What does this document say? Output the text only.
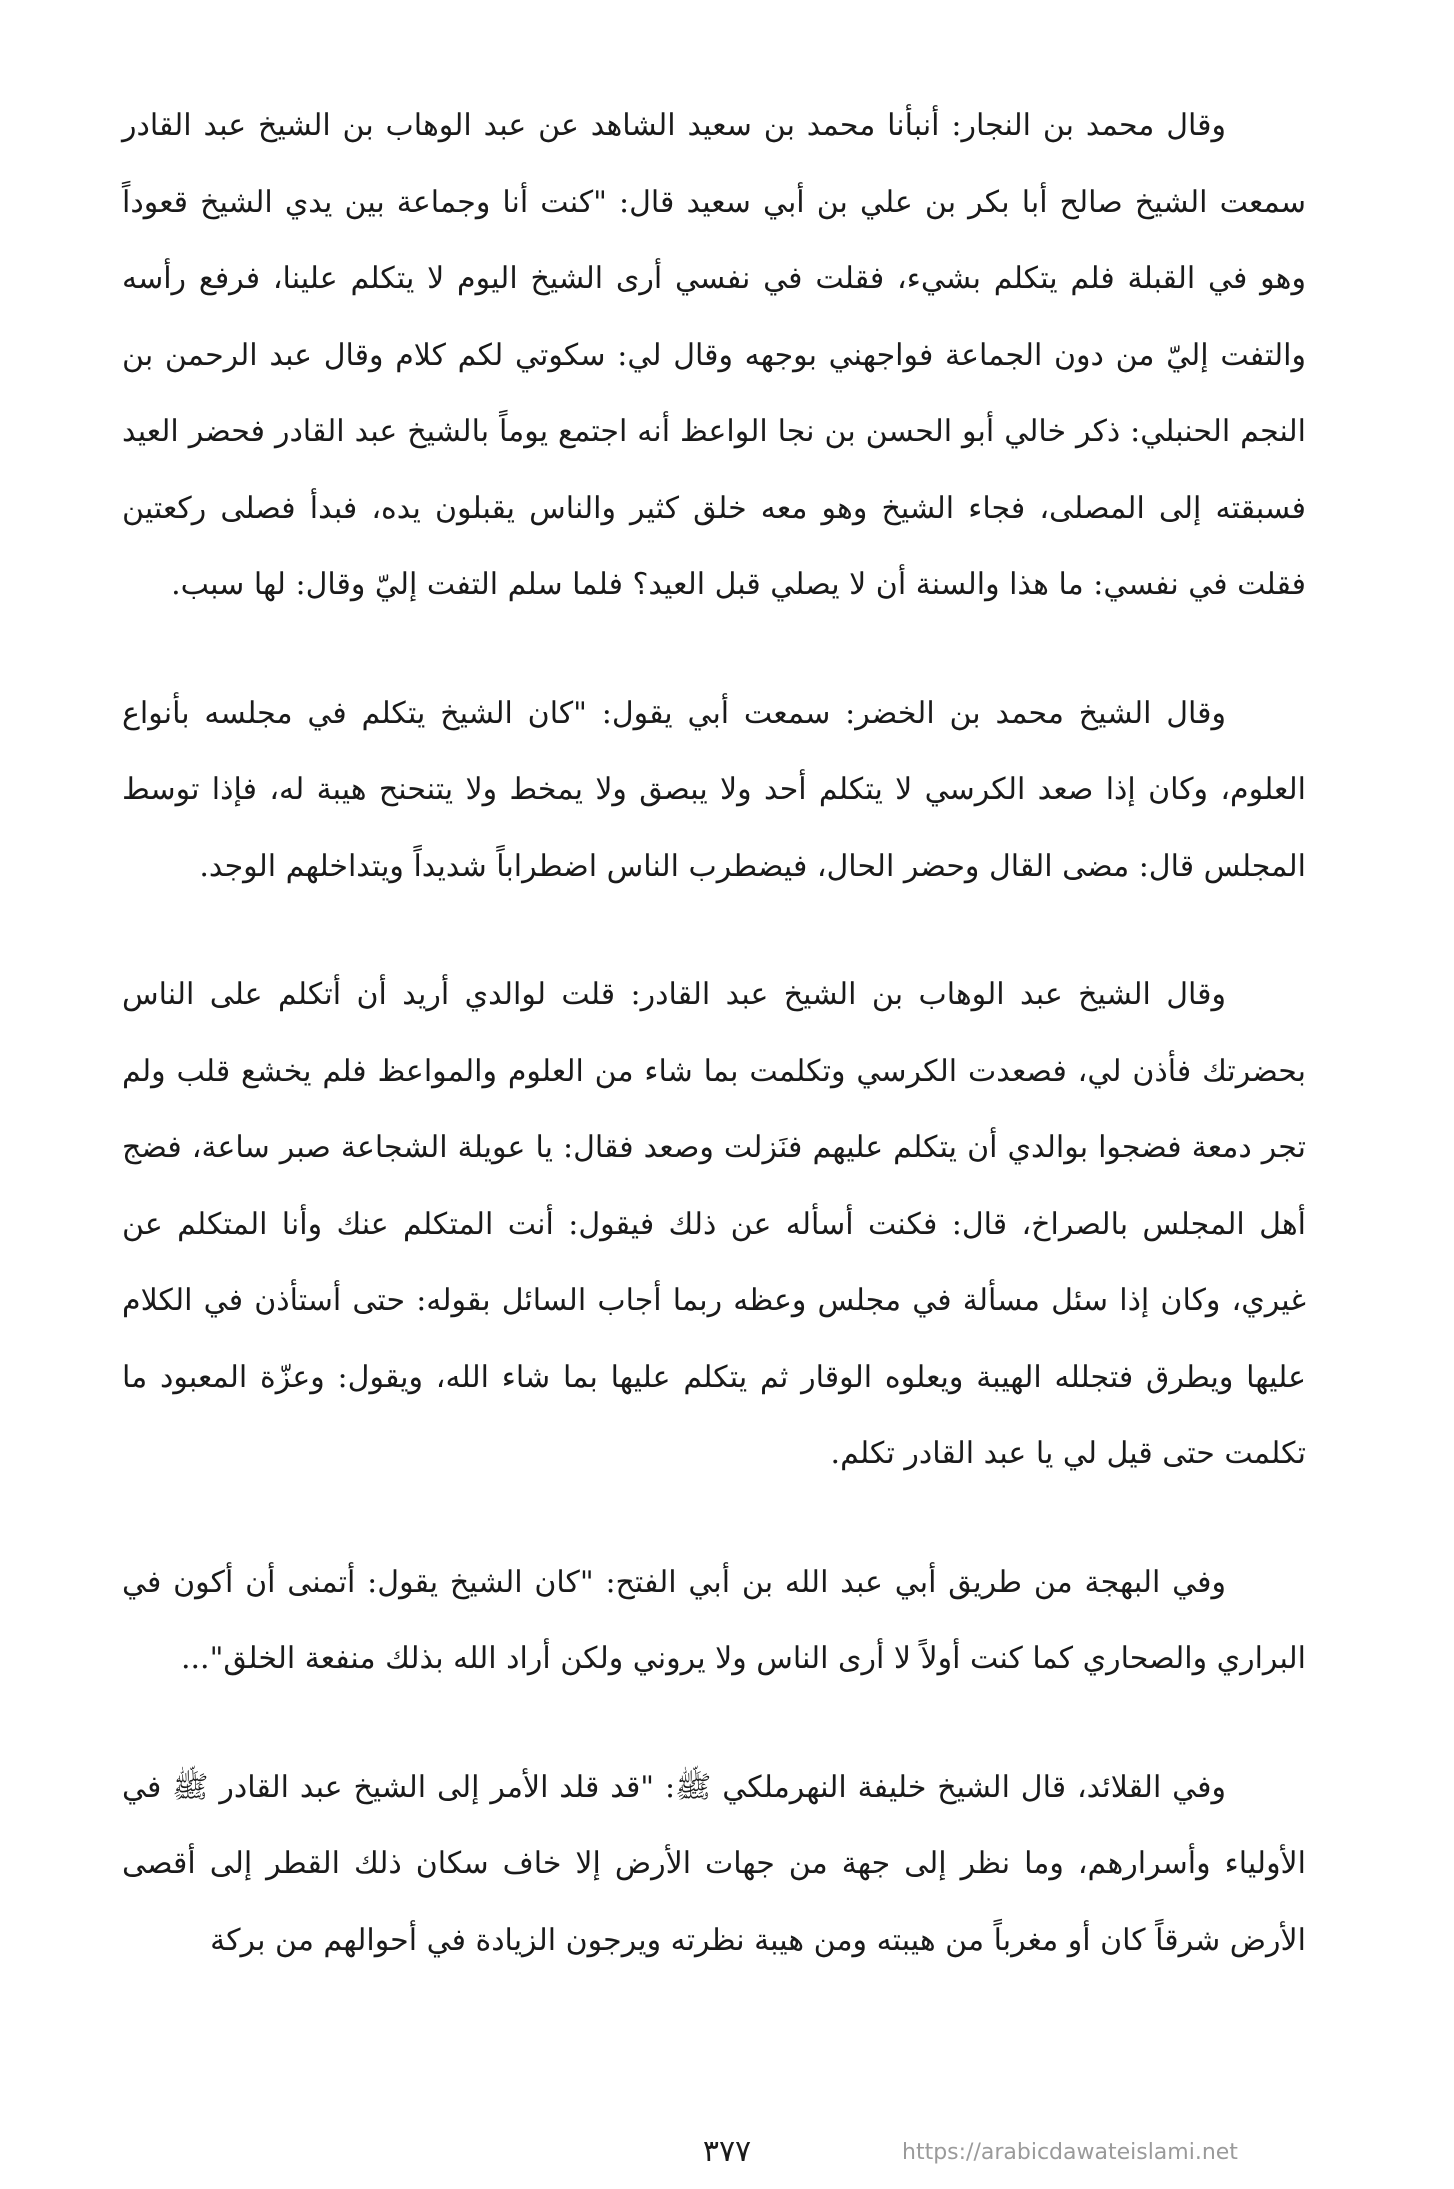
وقال محمد بن النجار: أنبأنا محمد بن سعيد الشاهد عن عبد الوهاب بن الشيخ عبد القادر سمعت الشيخ صالح أبا بكر بن علي بن أبي سعيد قال: "كنت أنا وجماعة بين يدي الشيخ قعوداً وهو في القبلة فلم يتكلم بشيء، فقلت في نفسي أرى الشيخ اليوم لا يتكلم علينا، فرفع رأسه والتفت إليّ من دون الجماعة فواجهني بوجهه وقال لي: سكوتي لكم كلام وقال عبد الرحمن بن النجم الحنبلي: ذكر خالي أبو الحسن بن نجا الواعظ أنه اجتمع يوماً بالشيخ عبد القادر فحضر العيد فسبقته إلى المصلى، فجاء الشيخ وهو معه خلق كثير والناس يقبلون يده، فبدأ فصلى ركعتين فقلت في نفسي: ما هذا والسنة أن لا يصلي قبل العيد؟ فلما سلم التفت إليّ وقال: لها سبب.

وقال الشيخ محمد بن الخضر: سمعت أبي يقول: "كان الشيخ يتكلم في مجلسه بأنواع العلوم، وكان إذا صعد الكرسي لا يتكلم أحد ولا يبصق ولا يمخط ولا يتنحنح هيبة له، فإذا توسط المجلس قال: مضى القال وحضر الحال، فيضطرب الناس اضطراباً شديداً ويتداخلهم الوجد.

وقال الشيخ عبد الوهاب بن الشيخ عبد القادر: قلت لوالدي أريد أن أتكلم على الناس بحضرتك فأذن لي، فصعدت الكرسي وتكلمت بما شاء من العلوم والمواعظ فلم يخشع قلب ولم تجر دمعة فضجوا بوالدي أن يتكلم عليهم فنَزلت وصعد فقال: يا عويلة الشجاعة صبر ساعة، فضج أهل المجلس بالصراخ، قال: فكنت أسأله عن ذلك فيقول: أنت المتكلم عنك وأنا المتكلم عن غيري، وكان إذا سئل مسألة في مجلس وعظه ربما أجاب السائل بقوله: حتى أستأذن في الكلام عليها ويطرق فتجلله الهيبة ويعلوه الوقار ثم يتكلم عليها بما شاء الله، ويقول: وعزّة المعبود ما تكلمت حتى قيل لي يا عبد القادر تكلم.

وفي البهجة من طريق أبي عبد الله بن أبي الفتح: "كان الشيخ يقول: أتمنى أن أكون في البراري والصحاري كما كنت أولاً لا أرى الناس ولا يروني ولكن أراد الله بذلك منفعة الخلق"...

وفي القلائد، قال الشيخ خليفة النهرملكي ﷺ: "قد قلد الأمر إلى الشيخ عبد القادر ﷺ في الأولياء وأسرارهم، وما نظر إلى جهة من جهات الأرض إلا خاف سكان ذلك القطر إلى أقصى الأرض شرقاً كان أو مغرباً من هيبته ومن هيبة نظرته ويرجون الزيادة في أحوالهم من بركة

٣٧٧	https://arabicdawateislami.net
